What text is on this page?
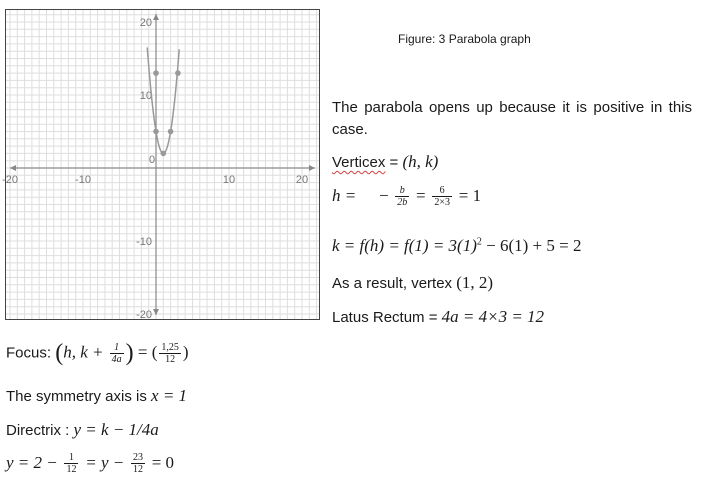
-20	-10
0
10	20
20
10
-10
-20
Figure: 3 Parabola graph
The parabola opens up because it is positive in this case.
Verticex = (h, k)
h = − $\frac{b}{2b} = \frac{6}{2\times 3} = 1$
$k = f(h) = f(1) = 3(1)^2 - 6(1) + 5 = 2$
As a result, vertex (1, 2)
Latus Rectum = 4a = 4×3 = 12
Focus: (h, $k + \frac{1}{4a}$ ) = ( $\frac{1,25}{12}$ )
The symmetry axis is x = 1
Directrix : y = k − 1/4a
$y = 2 - \frac{1}{12} = y - \frac{23}{12} = 0$
